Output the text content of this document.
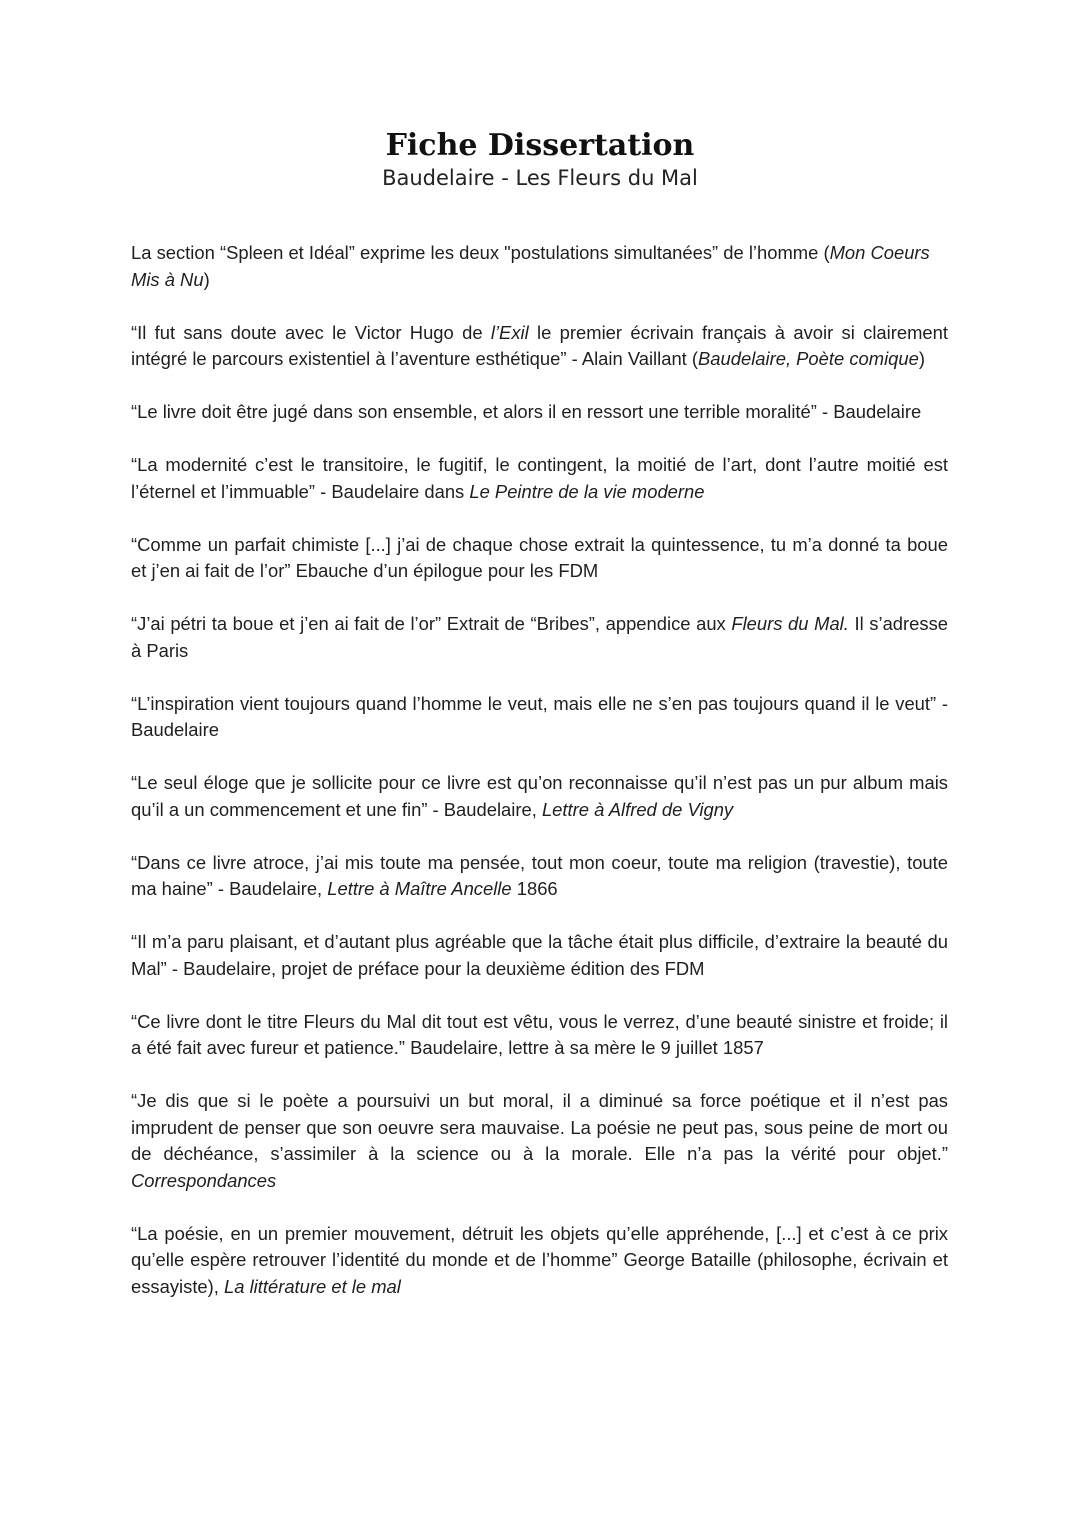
Fiche Dissertation

Baudelaire - Les Fleurs du Mal

La section “Spleen et Idéal” exprime les deux "postulations simultanées” de l’homme (Mon Coeurs Mis à Nu)

“Il fut sans doute avec le Victor Hugo de l’Exil le premier écrivain français à avoir si clairement intégré le parcours existentiel à l’aventure esthétique” - Alain Vaillant (Baudelaire, Poète comique)

“Le livre doit être jugé dans son ensemble, et alors il en ressort une terrible moralité” - Baudelaire

“La modernité c’est le transitoire, le fugitif, le contingent, la moitié de l’art, dont l’autre moitié est l’éternel et l’immuable” - Baudelaire dans Le Peintre de la vie moderne

“Comme un parfait chimiste [...] j’ai de chaque chose extrait la quintessence, tu m’a donné ta boue et j’en ai fait de l’or” Ebauche d’un épilogue pour les FDM

“J’ai pétri ta boue et j’en ai fait de l’or” Extrait de “Bribes”, appendice aux Fleurs du Mal. Il s’adresse à Paris

“L’inspiration vient toujours quand l’homme le veut, mais elle ne s’en pas toujours quand il le veut” - Baudelaire

“Le seul éloge que je sollicite pour ce livre est qu’on reconnaisse qu’il n’est pas un pur album mais qu’il a un commencement et une fin” - Baudelaire, Lettre à Alfred de Vigny

“Dans ce livre atroce, j’ai mis toute ma pensée, tout mon coeur, toute ma religion (travestie), toute ma haine” - Baudelaire, Lettre à Maître Ancelle 1866

“Il m’a paru plaisant, et d’autant plus agréable que la tâche était plus difficile, d’extraire la beauté du Mal” - Baudelaire, projet de préface pour la deuxième édition des FDM

“Ce livre dont le titre Fleurs du Mal dit tout est vêtu, vous le verrez, d’une beauté sinistre et froide; il a été fait avec fureur et patience.” Baudelaire, lettre à sa mère le 9 juillet 1857

“Je dis que si le poète a poursuivi un but moral, il a diminué sa force poétique et il n’est pas imprudent de penser que son oeuvre sera mauvaise. La poésie ne peut pas, sous peine de mort ou de déchéance, s’assimiler à la science ou à la morale. Elle n’a pas la vérité pour objet.” Correspondances

“La poésie, en un premier mouvement, détruit les objets qu’elle appréhende, [...] et c’est à ce prix qu’elle espère retrouver l’identité du monde et de l’homme” George Bataille (philosophe, écrivain et essayiste), La littérature et le mal
